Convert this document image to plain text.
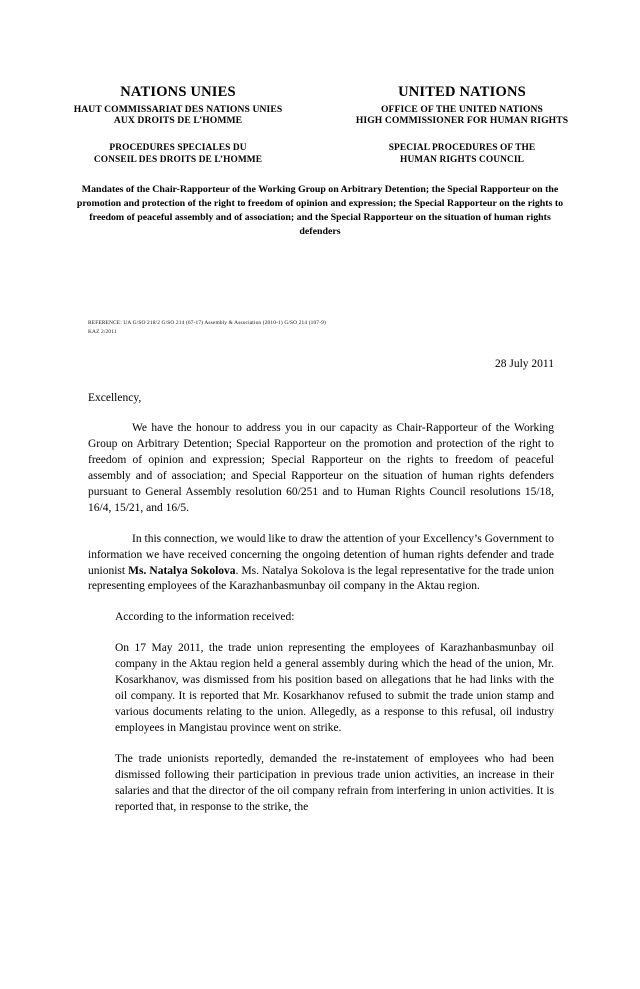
NATIONS UNIES
HAUT COMMISSARIAT DES NATIONS UNIES
AUX DROITS DE L’HOMME
PROCEDURES SPECIALES DU
CONSEIL DES DROITS DE L’HOMME
UNITED NATIONS
OFFICE OF THE UNITED NATIONS
HIGH COMMISSIONER FOR HUMAN RIGHTS
SPECIAL PROCEDURES OF THE
HUMAN RIGHTS COUNCIL
Mandates of the Chair-Rapporteur of the Working Group on Arbitrary Detention; the Special Rapporteur on the promotion and protection of the right to freedom of opinion and expression; the Special Rapporteur on the rights to freedom of peaceful assembly and of association; and the Special Rapporteur on the situation of human rights defenders
REFERENCE: UA G/SO 218/2 G/SO 214 (67-17) Assembly & Association (2010-1) G/SO 214 (107-9)
KAZ 2/2011
28 July 2011
Excellency,

We have the honour to address you in our capacity as Chair-Rapporteur of the Working Group on Arbitrary Detention; Special Rapporteur on the promotion and protection of the right to freedom of opinion and expression; Special Rapporteur on the rights to freedom of peaceful assembly and of association; and Special Rapporteur on the situation of human rights defenders pursuant to General Assembly resolution 60/251 and to Human Rights Council resolutions 15/18, 16/4, 15/21, and 16/5.

In this connection, we would like to draw the attention of your Excellency’s Government to information we have received concerning the ongoing detention of human rights defender and trade unionist Ms. Natalya Sokolova. Ms. Natalya Sokolova is the legal representative for the trade union representing employees of the Karazhanbasmunbay oil company in the Aktau region.

According to the information received:

On 17 May 2011, the trade union representing the employees of Karazhanbasmunbay oil company in the Aktau region held a general assembly during which the head of the union, Mr. Kosarkhanov, was dismissed from his position based on allegations that he had links with the oil company. It is reported that Mr. Kosarkhanov refused to submit the trade union stamp and various documents relating to the union. Allegedly, as a response to this refusal, oil industry employees in Mangistau province went on strike.

The trade unionists reportedly, demanded the re-instatement of employees who had been dismissed following their participation in previous trade union activities, an increase in their salaries and that the director of the oil company refrain from interfering in union activities. It is reported that, in response to the strike, the
